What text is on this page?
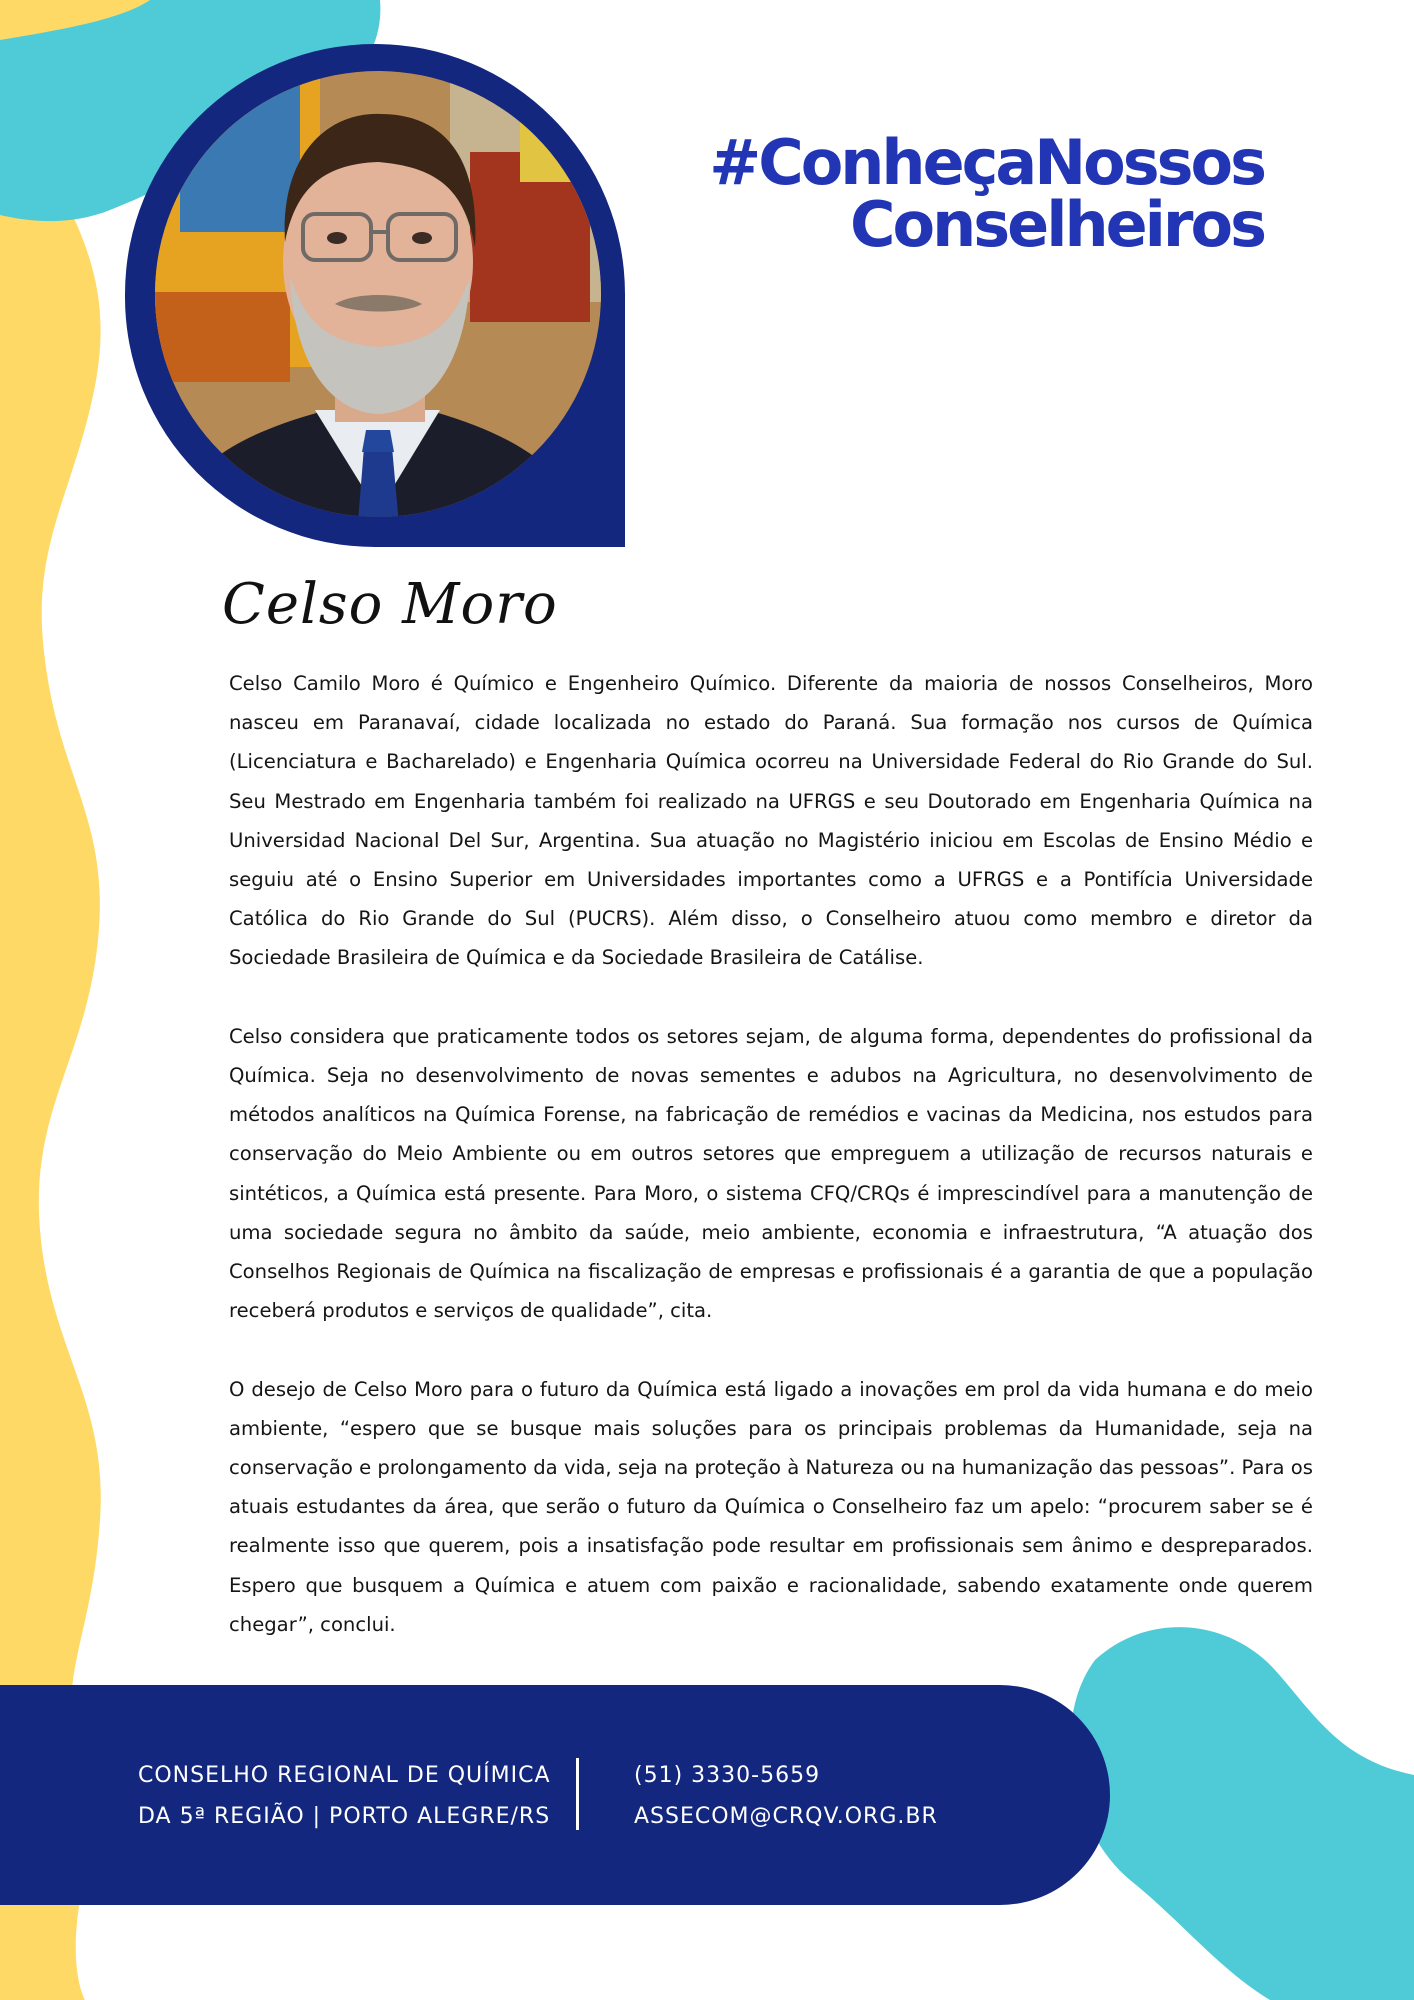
#ConheçaNossos
Conselheiros
Celso Moro

Celso Camilo Moro é Químico e Engenheiro Químico. Diferente da maioria de nossos Conselheiros, Moro nasceu em Paranavaí, cidade localizada no estado do Paraná. Sua formação nos cursos de Química (Licenciatura e Bacharelado) e Engenharia Química ocorreu na Universidade Federal do Rio Grande do Sul. Seu Mestrado em Engenharia também foi realizado na UFRGS e seu Doutorado em Engenharia Química na Universidad Nacional Del Sur, Argentina. Sua atuação no Magistério iniciou em Escolas de Ensino Médio e seguiu até o Ensino Superior em Universidades importantes como a UFRGS e a Pontifícia Universidade Católica do Rio Grande do Sul (PUCRS). Além disso, o Conselheiro atuou como membro e diretor da Sociedade Brasileira de Química e da Sociedade Brasileira de Catálise.

Celso considera que praticamente todos os setores sejam, de alguma forma, dependentes do profissional da Química. Seja no desenvolvimento de novas sementes e adubos na Agricultura, no desenvolvimento de métodos analíticos na Química Forense, na fabricação de remédios e vacinas da Medicina, nos estudos para conservação do Meio Ambiente ou em outros setores que empreguem a utilização de recursos naturais e sintéticos, a Química está presente. Para Moro, o sistema CFQ/CRQs é imprescindível para a manutenção de uma sociedade segura no âmbito da saúde, meio ambiente, economia e infraestrutura, “A atuação dos Conselhos Regionais de Química na fiscalização de empresas e profissionais é a garantia de que a população receberá produtos e serviços de qualidade”, cita.

O desejo de Celso Moro para o futuro da Química está ligado a inovações em prol da vida humana e do meio ambiente, “espero que se busque mais soluções para os principais problemas da Humanidade, seja na conservação e prolongamento da vida, seja na proteção à Natureza ou na humanização das pessoas”. Para os atuais estudantes da área, que serão o futuro da Química o Conselheiro faz um apelo: “procurem saber se é realmente isso que querem, pois a insatisfação pode resultar em profissionais sem ânimo e despreparados. Espero que busquem a Química e atuem com paixão e racionalidade, sabendo exatamente onde querem chegar”, conclui.

CONSELHO REGIONAL DE QUÍMICA
DA 5ª REGIÃO | PORTO ALEGRE/RS
(51) 3330-5659
ASSECOM@CRQV.ORG.BR
